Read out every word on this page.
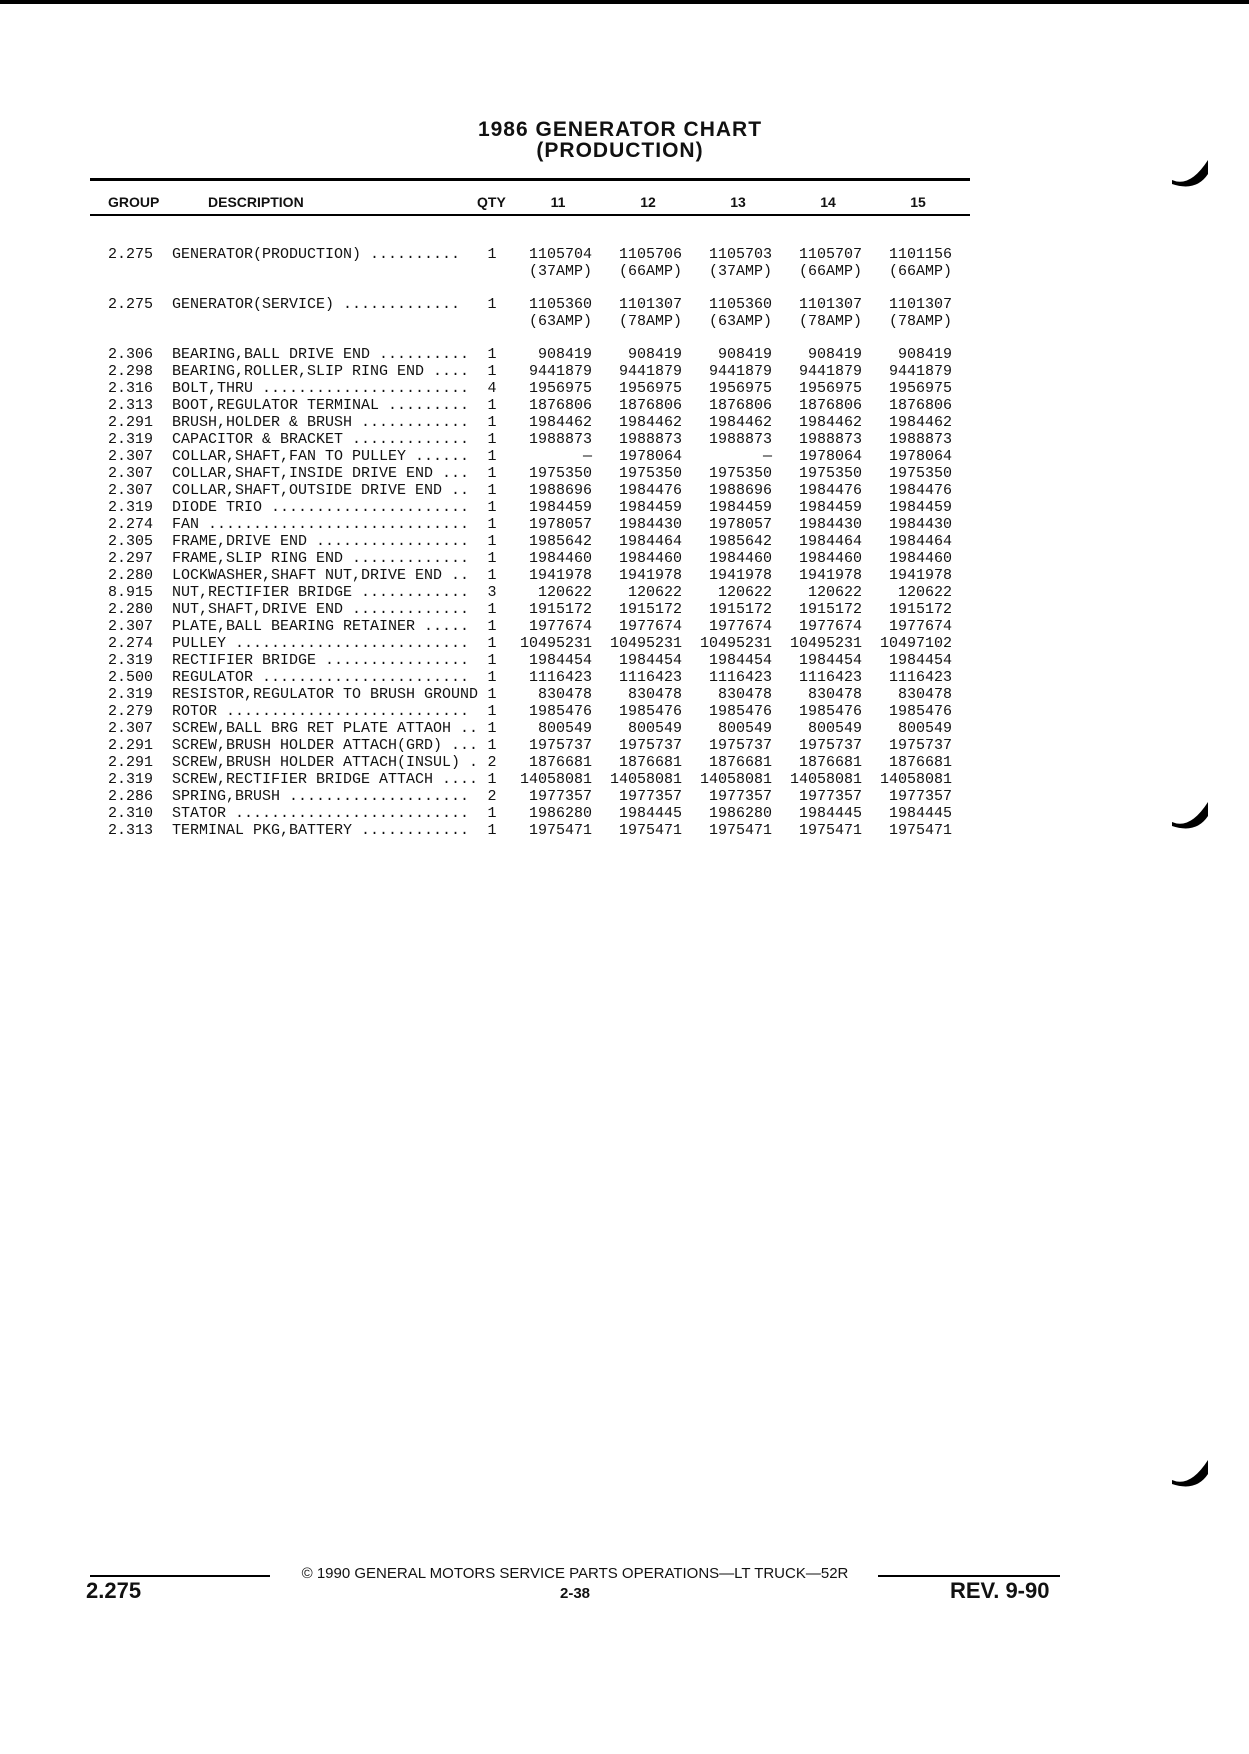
1986 GENERATOR CHART
(PRODUCTION)
GROUP	DESCRIPTION	QTY	11	12	13	14	15
2.275 GENERATOR(PRODUCTION) .......... 1	1105704	1105706	1105703	1105707	1101156
(37AMP)	(66AMP)	(37AMP)	(66AMP)	(66AMP)
2.275 GENERATOR(SERVICE) ............. 1	1105360	1101307	1105360	1101307	1101307
(63AMP)	(78AMP)	(63AMP)	(78AMP)	(78AMP)
2.306 BEARING,BALL DRIVE END .......... 1	908419	908419	908419	908419	908419
2.298 BEARING,ROLLER,SLIP RING END .... 1	9441879	9441879	9441879	9441879	9441879
2.316 BOLT,THRU ....................... 4	1956975	1956975	1956975	1956975	1956975
2.313 BOOT,REGULATOR TERMINAL ......... 1	1876806	1876806	1876806	1876806	1876806
2.291 BRUSH,HOLDER & BRUSH ............ 1	1984462	1984462	1984462	1984462	1984462
2.319 CAPACITOR & BRACKET ............. 1	1988873	1988873	1988873	1988873	1988873
2.307 COLLAR,SHAFT,FAN TO PULLEY ...... 1	—	1978064	—	1978064	1978064
2.307 COLLAR,SHAFT,INSIDE DRIVE END ... 1	1975350	1975350	1975350	1975350	1975350
2.307 COLLAR,SHAFT,OUTSIDE DRIVE END .. 1	1988696	1984476	1988696	1984476	1984476
2.319 DIODE TRIO ...................... 1	1984459	1984459	1984459	1984459	1984459
2.274 FAN ............................. 1	1978057	1984430	1978057	1984430	1984430
2.305 FRAME,DRIVE END ................. 1	1985642	1984464	1985642	1984464	1984464
2.297 FRAME,SLIP RING END ............. 1	1984460	1984460	1984460	1984460	1984460
2.280 LOCKWASHER,SHAFT NUT,DRIVE END .. 1	1941978	1941978	1941978	1941978	1941978
8.915 NUT,RECTIFIER BRIDGE ............ 3	120622	120622	120622	120622	120622
2.280 NUT,SHAFT,DRIVE END ............. 1	1915172	1915172	1915172	1915172	1915172
2.307 PLATE,BALL BEARING RETAINER ..... 1	1977674	1977674	1977674	1977674	1977674
2.274 PULLEY .......................... 1	10495231	10495231	10495231	10495231	10497102
2.319 RECTIFIER BRIDGE ................ 1	1984454	1984454	1984454	1984454	1984454
2.500 REGULATOR ....................... 1	1116423	1116423	1116423	1116423	1116423
2.319 RESISTOR,REGULATOR TO BRUSH GROUND 1	830478	830478	830478	830478	830478
2.279 ROTOR ........................... 1	1985476	1985476	1985476	1985476	1985476
2.307 SCREW,BALL BRG RET PLATE ATTAOH .. 1	800549	800549	800549	800549	800549
2.291 SCREW,BRUSH HOLDER ATTACH(GRD) ... 1	1975737	1975737	1975737	1975737	1975737
2.291 SCREW,BRUSH HOLDER ATTACH(INSUL) . 2	1876681	1876681	1876681	1876681	1876681
2.319 SCREW,RECTIFIER BRIDGE ATTACH .... 1	14058081	14058081	14058081	14058081	14058081
2.286 SPRING,BRUSH .................... 2	1977357	1977357	1977357	1977357	1977357
2.310 STATOR .......................... 1	1986280	1984445	1986280	1984445	1984445
2.313 TERMINAL PKG,BATTERY ............ 1	1975471	1975471	1975471	1975471	1975471
© 1990 GENERAL MOTORS SERVICE PARTS OPERATIONS—LT TRUCK—52R
2-38
2.275	REV. 9-90
